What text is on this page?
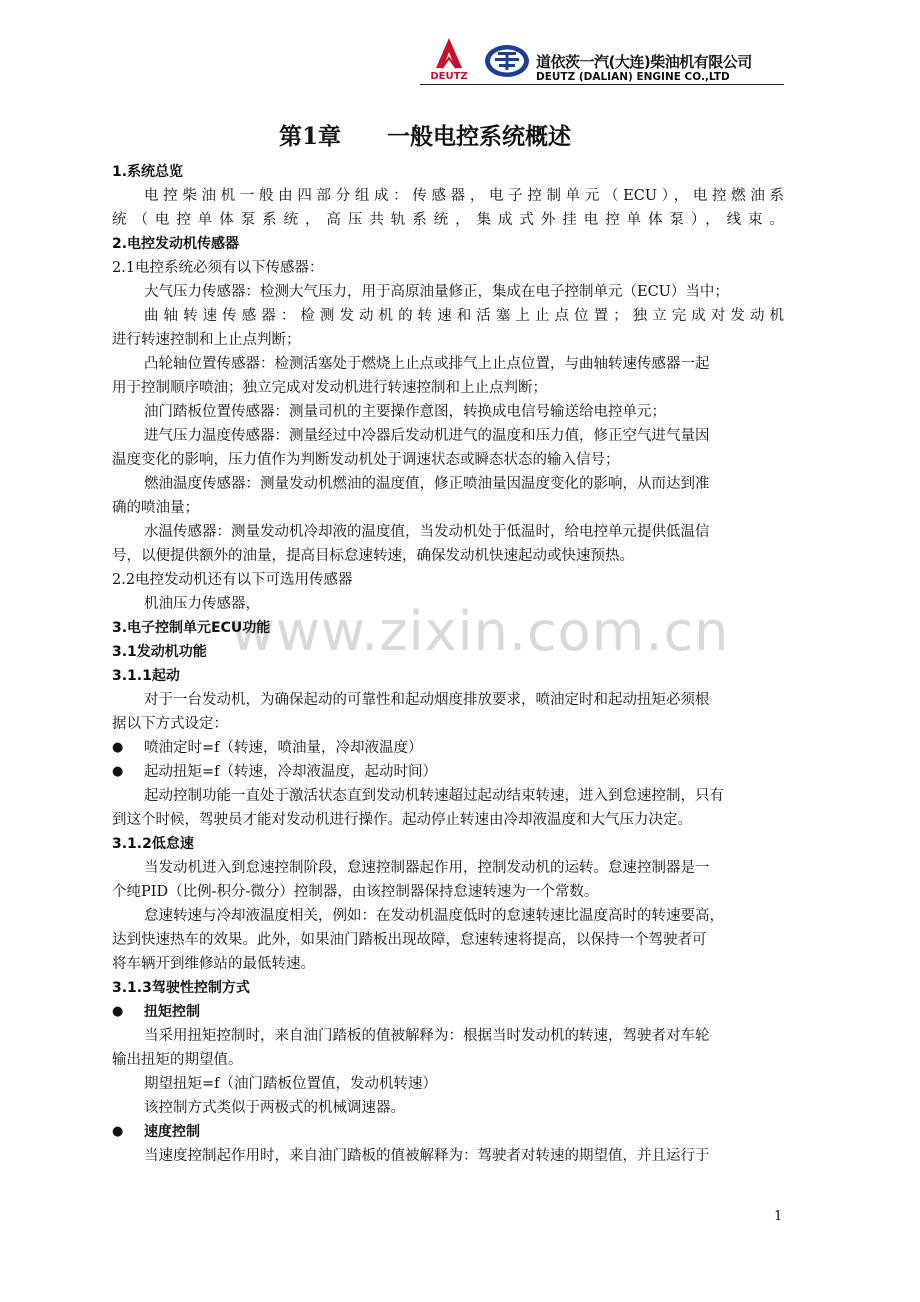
DEUTZ
道依茨一汽(大连)柴油机有限公司
DEUTZ (DALIAN) ENGINE CO.,LTD
www.zixin.com.cn
第1章　　一般电控系统概述
1.系统总览
电控柴油机一般由四部分组成：传感器，电子控制单元（ECU），电控燃油系
统（电控单体泵系统，高压共轨系统，集成式外挂电控单体泵），线束。
2.电控发动机传感器
2.1电控系统必须有以下传感器：
大气压力传感器：检测大气压力，用于高原油量修正，集成在电子控制单元（ECU）当中；
曲轴转速传感器：检测发动机的转速和活塞上止点位置；独立完成对发动机
进行转速控制和上止点判断；
凸轮轴位置传感器：检测活塞处于燃烧上止点或排气上止点位置，与曲轴转速传感器一起
用于控制顺序喷油；独立完成对发动机进行转速控制和上止点判断；
油门踏板位置传感器：测量司机的主要操作意图，转换成电信号输送给电控单元；
进气压力温度传感器：测量经过中冷器后发动机进气的温度和压力值，修正空气进气量因
温度变化的影响，压力值作为判断发动机处于调速状态或瞬态状态的输入信号；
燃油温度传感器：测量发动机燃油的温度值，修正喷油量因温度变化的影响，从而达到准
确的喷油量；
水温传感器：测量发动机冷却液的温度值，当发动机处于低温时，给电控单元提供低温信
号，以便提供额外的油量，提高目标怠速转速，确保发动机快速起动或快速预热。
2.2电控发动机还有以下可选用传感器
机油压力传感器，
3.电子控制单元ECU功能
3.1发动机功能
3.1.1起动
对于一台发动机，为确保起动的可靠性和起动烟度排放要求，喷油定时和起动扭矩必须根
据以下方式设定：
● 喷油定时=f（转速，喷油量，冷却液温度）
● 起动扭矩=f（转速，冷却液温度，起动时间）
起动控制功能一直处于激活状态直到发动机转速超过起动结束转速，进入到怠速控制，只有
到这个时候，驾驶员才能对发动机进行操作。起动停止转速由冷却液温度和大气压力决定。
3.1.2低怠速
当发动机进入到怠速控制阶段，怠速控制器起作用，控制发动机的运转。怠速控制器是一
个纯PID（比例-积分-微分）控制器，由该控制器保持怠速转速为一个常数。
怠速转速与冷却液温度相关，例如：在发动机温度低时的怠速转速比温度高时的转速要高，
达到快速热车的效果。此外，如果油门踏板出现故障，怠速转速将提高，以保持一个驾驶者可
将车辆开到维修站的最低转速。
3.1.3驾驶性控制方式
● 扭矩控制
当采用扭矩控制时，来自油门踏板的值被解释为：根据当时发动机的转速，驾驶者对车轮
输出扭矩的期望值。
期望扭矩=f（油门踏板位置值，发动机转速）
该控制方式类似于两极式的机械调速器。
● 速度控制
当速度控制起作用时，来自油门踏板的值被解释为：驾驶者对转速的期望值，并且运行于
1
